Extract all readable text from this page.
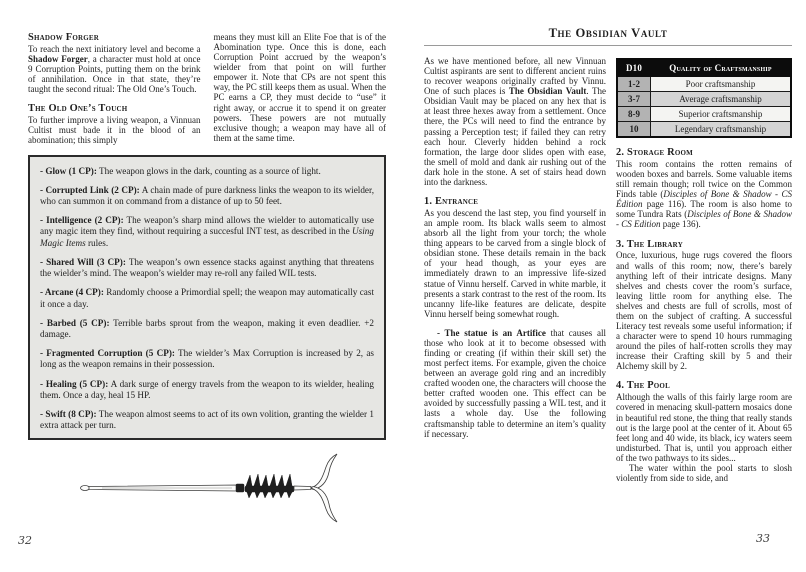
Shadow Forger

To reach the next initiatory level and become a Shadow Forger, a character must hold at once 9 Corruption Points, putting them on the brink of annihilation. Once in that state, they’re taught the second ritual: The Old One’s Touch.

The Old One’s Touch

To further improve a living weapon, a Vinnuan Cultist must bade it in the blood of an abomination; this simply

means they must kill an Elite Foe that is of the Abomination type. Once this is done, each Corruption Point accrued by the weapon’s wielder from that point on will further empower it. Note that CPs are not spent this way, the PC still keeps them as usual. When the PC earns a CP, they must decide to “use” it right away, or accrue it to spend it on greater powers. These powers are not mutually exclusive though; a weapon may have all of them at the same time.

- Glow (1 CP): The weapon glows in the dark, counting as a source of light.

- Corrupted Link (2 CP): A chain made of pure darkness links the weapon to its wielder, who can summon it on command from a distance of up to 50 feet.

- Intelligence (2 CP): The weapon’s sharp mind allows the wielder to automatically use any magic item they find, without requiring a succesful INT test, as described in the Using Magic Items rules.

- Shared Will (3 CP): The weapon’s own essence stacks against anything that threatens the wielder’s mind. The weapon’s wielder may re-roll any failed WIL tests.

- Arcane (4 CP): Randomly choose a Primordial spell; the weapon may automatically cast it once a day.

- Barbed (5 CP): Terrible barbs sprout from the weapon, making it even deadlier. +2 damage.

- Fragmented Corruption (5 CP): The wielder’s Max Corruption is increased by 2, as long as the weapon remains in their possession.

- Healing (5 CP): A dark surge of energy travels from the weapon to its wielder, healing them. Once a day, heal 15 HP.

- Swift (8 CP): The weapon almost seems to act of its own volition, granting the wielder 1 extra attack per turn.

The Obsidian Vault

As we have mentioned before, all new Vinnuan Cultist aspirants are sent to different ancient ruins to recover weapons originally crafted by Vinnu. One of such places is The Obsidian Vault. The Obsidian Vault may be placed on any hex that is at least three hexes away from a settlement. Once there, the PCs will need to find the entrance by passing a Perception test; if failed they can retry each hour. Cleverly hidden behind a rock formation, the large door slides open with ease, the smell of mold and dank air rushing out of the dark hole in the stone. A set of stairs head down into the darkness.

1. Entrance

As you descend the last step, you find yourself in an ample room. Its black walls seem to almost absorb all the light from your torch; the whole thing appears to be carved from a single block of obsidian stone. These details remain in the back of your head though, as your eyes are immediately drawn to an impressive life-sized statue of Vinnu herself. Carved in white marble, it presents a stark contrast to the rest of the room. Its uncanny life-like features are delicate, despite Vinnu herself being somewhat rough.

- The statue is an Artifice that causes all those who look at it to become obsessed with finding or creating (if within their skill set) the most perfect items. For example, given the choice between an average gold ring and an incredibly crafted wooden one, the characters will choose the better crafted wooden one. This effect can be avoided by successfully passing a WIL test, and it lasts a whole day. Use the following craftsmanship table to determine an item’s quality if necessary.

D10	Quality of Craftsmanship
1-2	Poor craftsmanship
3-7	Average craftsmanship
8-9	Superior craftsmanship
10	Legendary craftsmanship
2. Storage Room

This room contains the rotten remains of wooden boxes and barrels. Some valuable items still remain though; roll twice on the Common Finds table (Disciples of Bone & Shadow - CS Édition page 116). The room is also home to some Tundra Rats (Disciples of Bone & Shadow - CS Edition page 136).

3. The Library

Once, luxurious, huge rugs covered the floors and walls of this room; now, there’s barely anything left of their intricate designs. Many shelves and chests cover the room’s surface, leaving little room for anything else. The shelves and chests are full of scrolls, most of them on the subject of crafting. A successful Literacy test reveals some useful information; if a character were to spend 10 hours rummaging around the piles of half-rotten scrolls they may increase their Crafting skill by 5 and their Alchemy skill by 2.

4. The Pool

Although the walls of this fairly large room are covered in menacing skull-pattern mosaics done in beautiful red stone, the thing that really stands out is the large pool at the center of it. About 65 feet long and 40 wide, its black, icy waters seem undisturbed. That is, until you approach either of the two pathways to its sides...

The water within the pool starts to slosh violently from side to side, and

32	33
